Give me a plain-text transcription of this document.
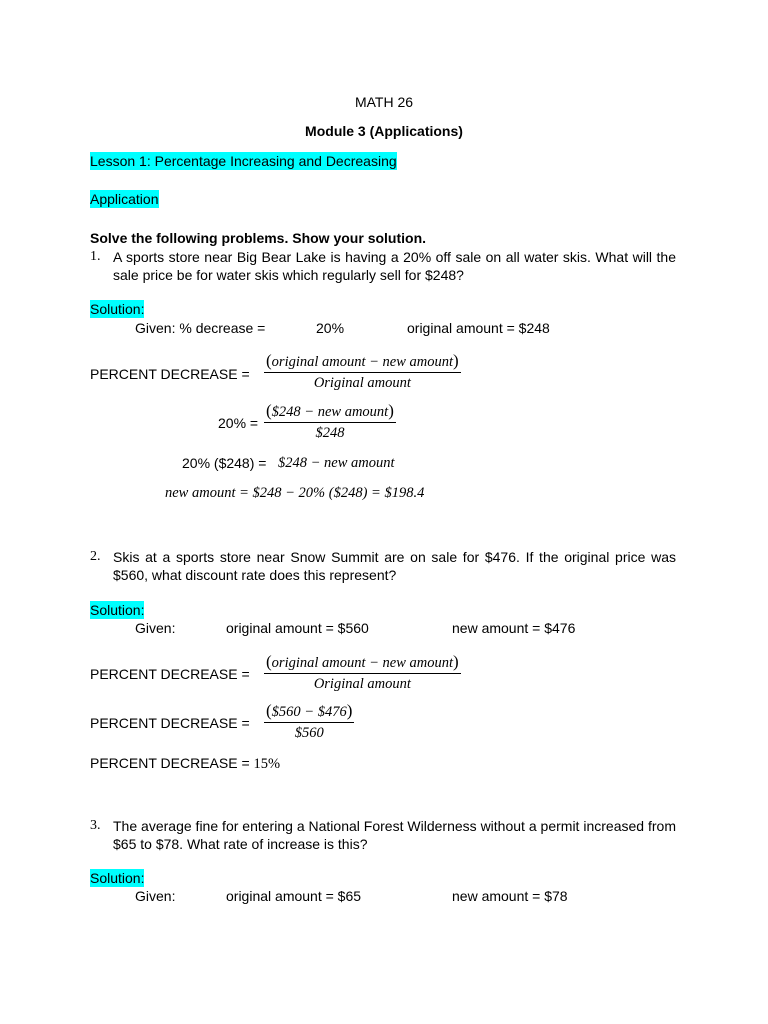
MATH 26
Module 3 (Applications)
Lesson 1: Percentage Increasing and Decreasing
Application
Solve the following problems. Show your solution.
1. A sports store near Big Bear Lake is having a 20% off sale on all water skis. What will the sale price be for water skis which regularly sell for $248?
Solution:
Given: % decrease =	20%	original amount = $248
PERCENT DECREASE =
(original amount − new amount)
Original amount
20% =
($248 − new amount)
$248
20% ($248) = $248 − new amount
new amount = $248 − 20% ($248) = $198.4
2. Skis at a sports store near Snow Summit are on sale for $476. If the original price was $560, what discount rate does this represent?
Solution:
Given:	original amount = $560	new amount = $476
PERCENT DECREASE =
(original amount − new amount)
Original amount
PERCENT DECREASE = $\frac{(\$560 - \$476)}{\$560}$
PERCENT DECREASE = 15%
3. The average fine for entering a National Forest Wilderness without a permit increased from $65 to $78. What rate of increase is this?
Solution:
Given:	original amount = $65	new amount = $78
